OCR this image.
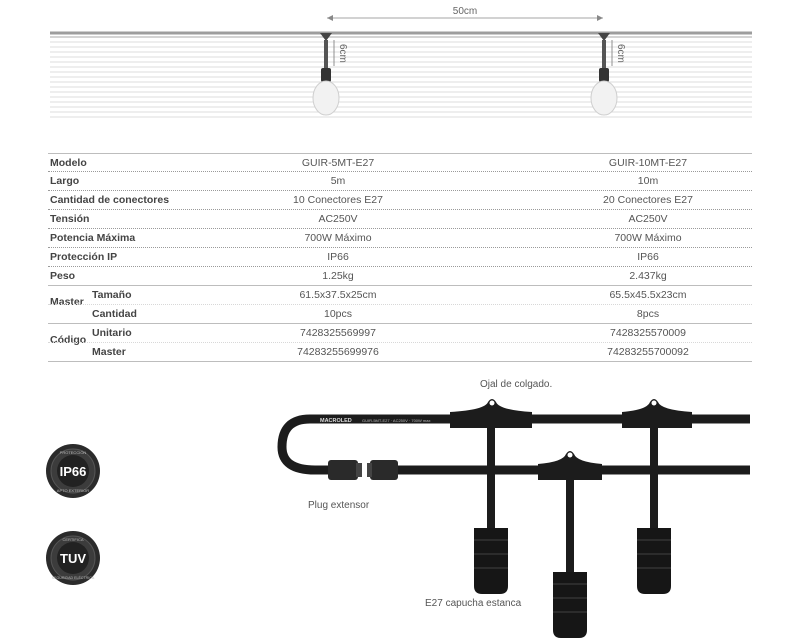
50cm
6cm	6cm
Modelo	GUIR-5MT-E27	GUIR-10MT-E27
Largo	5m	10m
Cantidad de conectores	10 Conectores E27	20 Conectores E27
Tensión	AC250V	AC250V
Potencia Máxima	700W Máximo	700W Máximo
Protección IP	IP66	IP66
Peso	1.25kg	2.437kg
Master
Tamaño	61.5x37.5x25cm	65.5x45.5x23cm
Cantidad	10pcs	8pcs
Código
Unitario	7428325569997	7428325570009
Master	74283255699976	74283255700092
Ojal de colgado.
MACROLED	GUIR-5MT-E27 · AC250V · 700W max
Plug extensor
E27 capucha estanca
IP66
PROTECCIÓN
APTO EXTERIOR
TUV
CERTIFICA
SEGURIDAD ELÉCTRICA
